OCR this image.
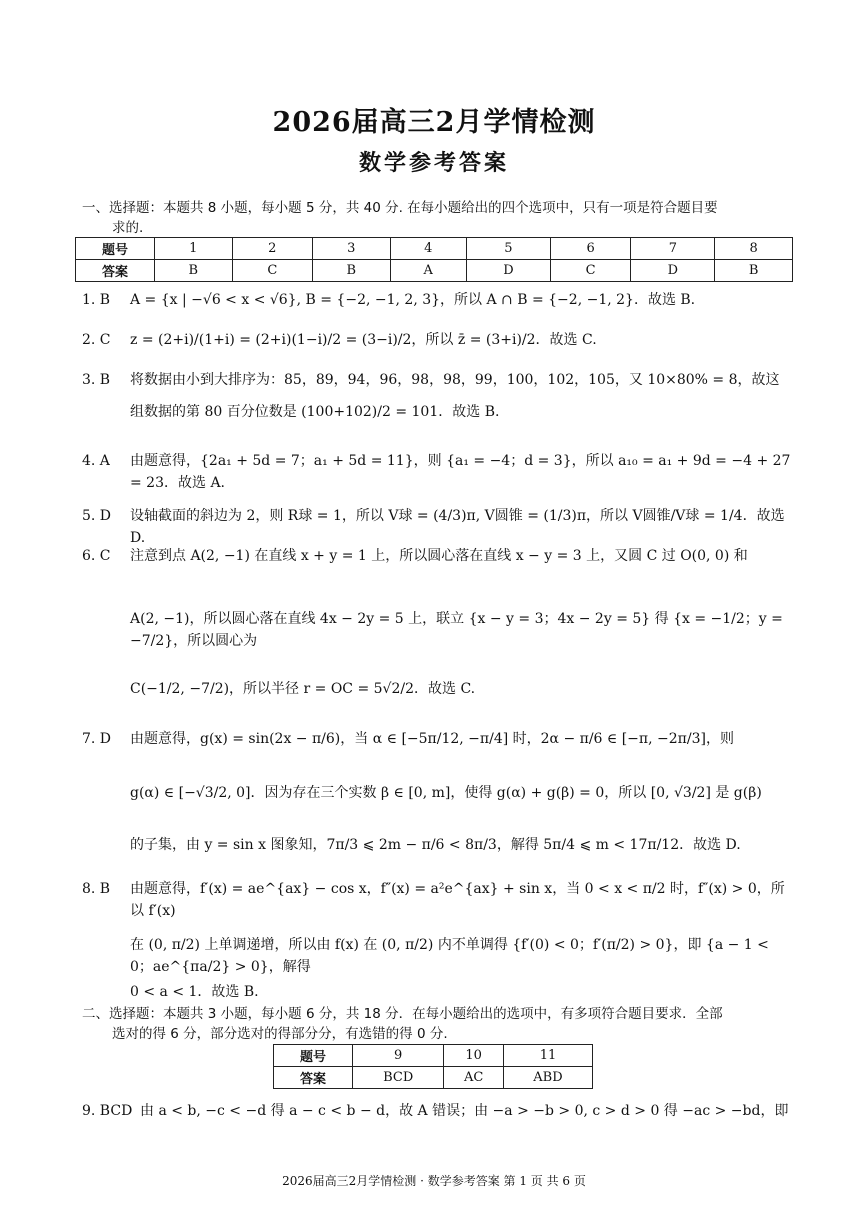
2026届高三2月学情检测
数学参考答案
一、选择题：本题共 8 小题，每小题 5 分，共 40 分. 在每小题给出的四个选项中，只有一项是符合题目要
求的.
题号	1	2	3	4	5	6	7	8
答案	B	C	B	A	D	C	D	B
1. B	A = {x | −√6 < x < √6}, B = {−2, −1, 2, 3}，所以 A ∩ B = {−2, −1, 2}．故选 B.
2. C	z = (2+i)/(1+i) = (2+i)(1−i)/2 = (3−i)/2，所以 z̄ = (3+i)/2．故选 C.
3. B	将数据由小到大排序为：85，89，94，96，98，98，99，100，102，105，又 10×80% = 8，故这
组数据的第 80 百分位数是 (100+102)/2 = 101．故选 B.
4. A	由题意得，{2a₁ + 5d = 7；a₁ + 5d = 11}，则 {a₁ = −4；d = 3}，所以 a₁₀ = a₁ + 9d = −4 + 27 = 23．故选 A.
5. D	设轴截面的斜边为 2，则 R球 = 1，所以 V球 = (4/3)π, V圆锥 = (1/3)π，所以 V圆锥/V球 = 1/4．故选 D.
6. C	注意到点 A(2, −1) 在直线 x + y = 1 上，所以圆心落在直线 x − y = 3 上，又圆 C 过 O(0, 0) 和
A(2, −1)，所以圆心落在直线 4x − 2y = 5 上，联立 {x − y = 3；4x − 2y = 5} 得 {x = −1/2；y = −7/2}，所以圆心为
C(−1/2, −7/2)，所以半径 r = OC = 5√2/2．故选 C.
7. D	由题意得，g(x) = sin(2x − π/6)，当 α ∈ [−5π/12, −π/4] 时，2α − π/6 ∈ [−π, −2π/3]，则
g(α) ∈ [−√3/2, 0]．因为存在三个实数 β ∈ [0, m]，使得 g(α) + g(β) = 0，所以 [0, √3/2] 是 g(β)
的子集，由 y = sin x 图象知，7π/3 ⩽ 2m − π/6 < 8π/3，解得 5π/4 ⩽ m < 17π/12．故选 D.
8. B	由题意得，f′(x) = ae^{ax} − cos x，f″(x) = a²e^{ax} + sin x，当 0 < x < π/2 时，f″(x) > 0，所以 f′(x)
在 (0, π/2) 上单调递增，所以由 f(x) 在 (0, π/2) 内不单调得 {f′(0) < 0；f′(π/2) > 0}，即 {a − 1 < 0；ae^{πa/2} > 0}，解得
0 < a < 1．故选 B.
二、选择题：本题共 3 小题，每小题 6 分，共 18 分．在每小题给出的选项中，有多项符合题目要求．全部
选对的得 6 分，部分选对的得部分分，有选错的得 0 分.
题号	9	10	11
答案	BCD	AC	ABD
9. BCD 由 a < b, −c < −d 得 a − c < b − d，故 A 错误；由 −a > −b > 0, c > d > 0 得 −ac > −bd，即
2026届高三2月学情检测 · 数学参考答案 第 1 页 共 6 页
